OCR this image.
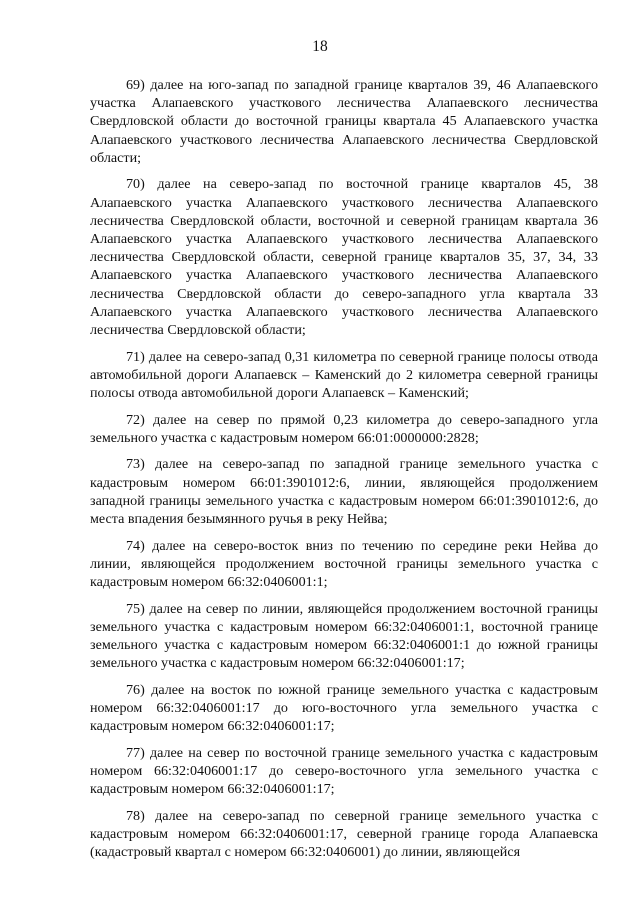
18

69) далее на юго-запад по западной границе кварталов 39, 46 Алапаевского участка Алапаевского участкового лесничества Алапаевского лесничества Свердловской области до восточной границы квартала 45 Алапаевского участка Алапаевского участкового лесничества Алапаевского лесничества Свердловской области;

70) далее на северо-запад по восточной границе кварталов 45, 38 Алапаевского участка Алапаевского участкового лесничества Алапаевского лесничества Свердловской области, восточной и северной границам квартала 36 Алапаевского участка Алапаевского участкового лесничества Алапаевского лесничества Свердловской области, северной границе кварталов 35, 37, 34, 33 Алапаевского участка Алапаевского участкового лесничества Алапаевского лесничества Свердловской области до северо-западного угла квартала 33 Алапаевского участка Алапаевского участкового лесничества Алапаевского лесничества Свердловской области;

71) далее на северо-запад 0,31 километра по северной границе полосы отвода автомобильной дороги Алапаевск – Каменский до 2 километра северной границы полосы отвода автомобильной дороги Алапаевск – Каменский;

72) далее на север по прямой 0,23 километра до северо-западного угла земельного участка с кадастровым номером 66:01:0000000:2828;

73) далее на северо-запад по западной границе земельного участка с кадастровым номером 66:01:3901012:6, линии, являющейся продолжением западной границы земельного участка с кадастровым номером 66:01:3901012:6, до места впадения безымянного ручья в реку Нейва;

74) далее на северо-восток вниз по течению по середине реки Нейва до линии, являющейся продолжением восточной границы земельного участка с кадастровым номером 66:32:0406001:1;

75) далее на север по линии, являющейся продолжением восточной границы земельного участка с кадастровым номером 66:32:0406001:1, восточной границе земельного участка с кадастровым номером 66:32:0406001:1 до южной границы земельного участка с кадастровым номером 66:32:0406001:17;

76) далее на восток по южной границе земельного участка с кадастровым номером 66:32:0406001:17 до юго-восточного угла земельного участка с кадастровым номером 66:32:0406001:17;

77) далее на север по восточной границе земельного участка с кадастровым номером 66:32:0406001:17 до северо-восточного угла земельного участка с кадастровым номером 66:32:0406001:17;

78) далее на северо-запад по северной границе земельного участка с кадастровым номером 66:32:0406001:17, северной границе города Алапаевска (кадастровый квартал с номером 66:32:0406001) до линии, являющейся
